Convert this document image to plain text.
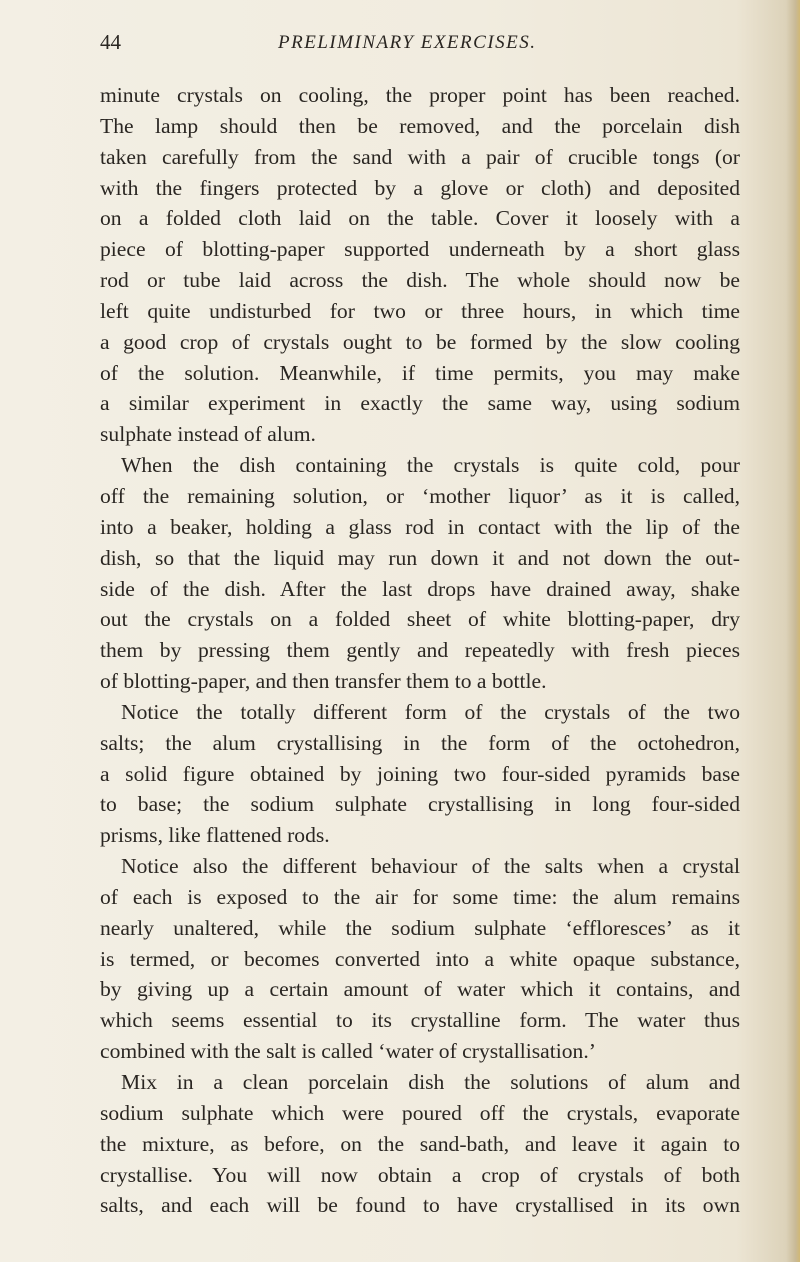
44	PRELIMINARY EXERCISES.
minute crystals on cooling, the proper point has been reached.
The lamp should then be removed, and the porcelain dish
taken carefully from the sand with a pair of crucible tongs (or
with the fingers protected by a glove or cloth) and deposited
on a folded cloth laid on the table. Cover it loosely with a
piece of blotting-paper supported underneath by a short glass
rod or tube laid across the dish. The whole should now be
left quite undisturbed for two or three hours, in which time
a good crop of crystals ought to be formed by the slow cooling
of the solution. Meanwhile, if time permits, you may make
a similar experiment in exactly the same way, using sodium
sulphate instead of alum.
When the dish containing the crystals is quite cold, pour
off the remaining solution, or ‘mother liquor’ as it is called,
into a beaker, holding a glass rod in contact with the lip of the
dish, so that the liquid may run down it and not down the out-
side of the dish. After the last drops have drained away, shake
out the crystals on a folded sheet of white blotting-paper, dry
them by pressing them gently and repeatedly with fresh pieces
of blotting-paper, and then transfer them to a bottle.
Notice the totally different form of the crystals of the two
salts; the alum crystallising in the form of the octohedron,
a solid figure obtained by joining two four-sided pyramids base
to base; the sodium sulphate crystallising in long four-sided
prisms, like flattened rods.
Notice also the different behaviour of the salts when a crystal
of each is exposed to the air for some time: the alum remains
nearly unaltered, while the sodium sulphate ‘effloresces’ as it
is termed, or becomes converted into a white opaque substance,
by giving up a certain amount of water which it contains, and
which seems essential to its crystalline form. The water thus
combined with the salt is called ‘water of crystallisation.’
Mix in a clean porcelain dish the solutions of alum and
sodium sulphate which were poured off the crystals, evaporate
the mixture, as before, on the sand-bath, and leave it again to
crystallise. You will now obtain a crop of crystals of both
salts, and each will be found to have crystallised in its own
